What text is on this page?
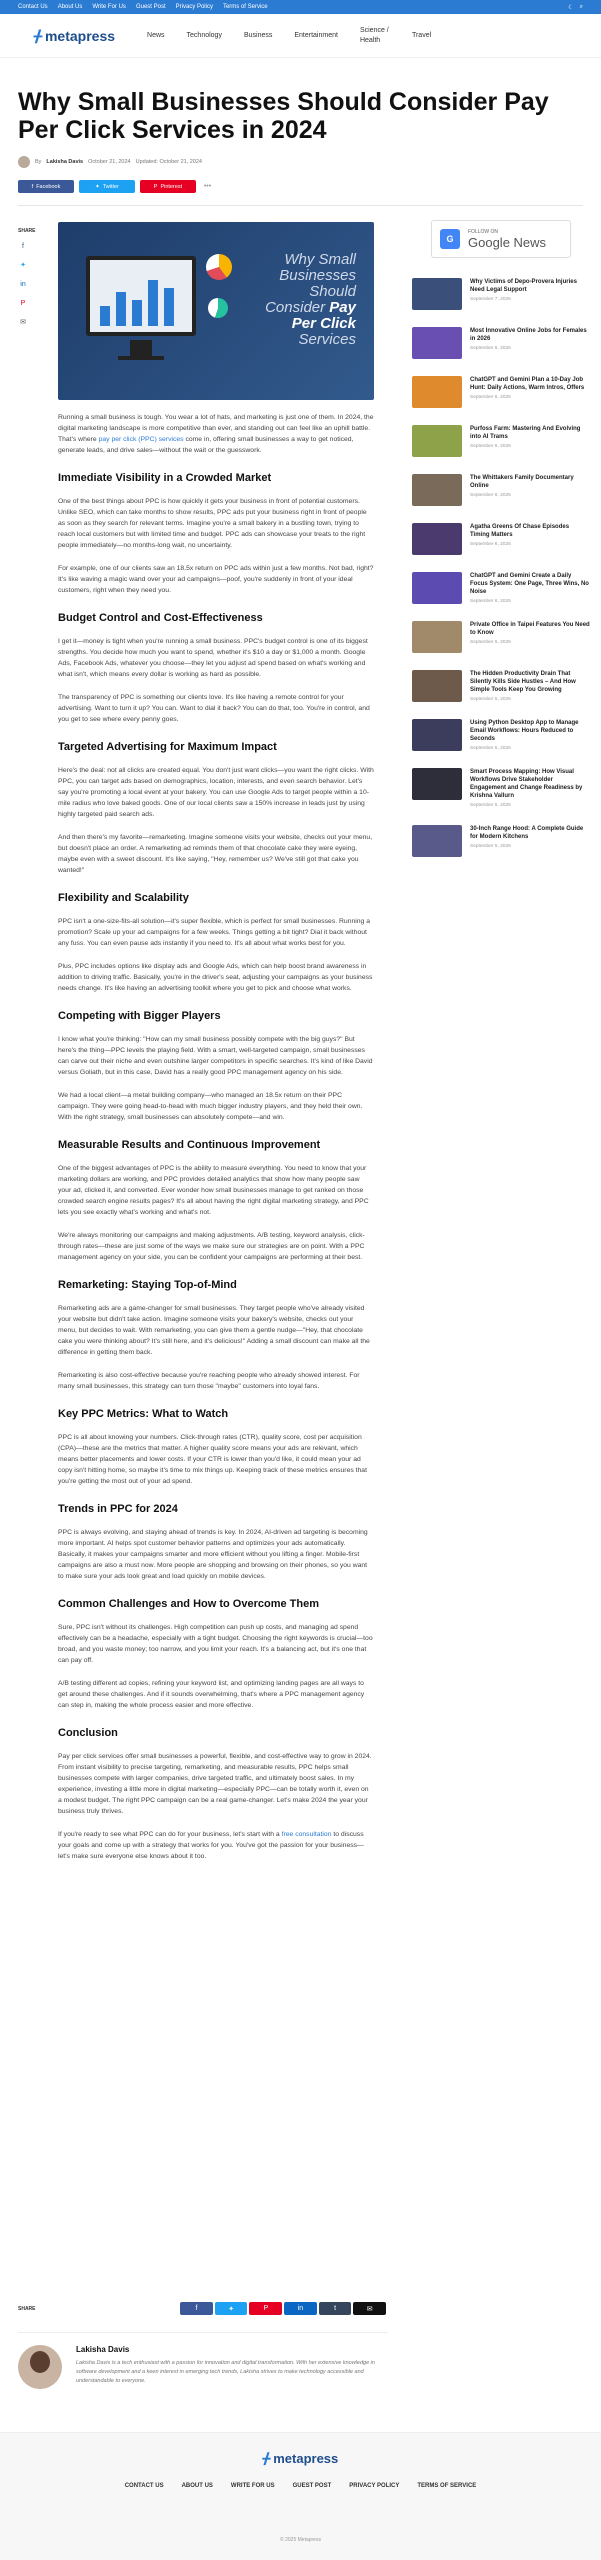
Contact Us About Us Write For Us Guest Post Privacy Policy Terms of Service	☾ ⌕
ᚋ metapress	News	Technology	Business	Entertainment
Science / Health
Travel
Why Small Businesses Should Consider Pay Per Click Services in 2024
By Lakisha Davis October 21, 2024 Updated: October 21, 2024
f Facebook	✦ Twitter	P Pinterest	•••
SHARE
f
✦
in
P
✉
Why Small
Businesses
Should
Consider Pay
Per Click
Services

Running a small business is tough. You wear a lot of hats, and marketing is just one of them. In 2024, the digital marketing landscape is more competitive than ever, and standing out can feel like an uphill battle. That's where pay per click (PPC) services come in, offering small businesses a way to get noticed, generate leads, and drive sales—without the wait or the guesswork.

Immediate Visibility in a Crowded Market

One of the best things about PPC is how quickly it gets your business in front of potential customers. Unlike SEO, which can take months to show results, PPC ads put your business right in front of people as soon as they search for relevant terms. Imagine you're a small bakery in a bustling town, trying to reach local customers but with limited time and budget. PPC ads can showcase your treats to the right people immediately—no months-long wait, no uncertainty.

For example, one of our clients saw an 18.5x return on PPC ads within just a few months. Not bad, right? It's like waving a magic wand over your ad campaigns—poof, you're suddenly in front of your ideal customers, right when they need you.

Budget Control and Cost-Effectiveness

I get it—money is tight when you're running a small business. PPC's budget control is one of its biggest strengths. You decide how much you want to spend, whether it's $10 a day or $1,000 a month. Google Ads, Facebook Ads, whatever you choose—they let you adjust ad spend based on what's working and what isn't, which means every dollar is working as hard as possible.

The transparency of PPC is something our clients love. It's like having a remote control for your advertising. Want to turn it up? You can. Want to dial it back? You can do that, too. You're in control, and you get to see where every penny goes.

Targeted Advertising for Maximum Impact

Here's the deal: not all clicks are created equal. You don't just want clicks—you want the right clicks. With PPC, you can target ads based on demographics, location, interests, and even search behavior. Let's say you're promoting a local event at your bakery. You can use Google Ads to target people within a 10-mile radius who love baked goods. One of our local clients saw a 150% increase in leads just by using highly targeted paid search ads.

And then there's my favorite—remarketing. Imagine someone visits your website, checks out your menu, but doesn't place an order. A remarketing ad reminds them of that chocolate cake they were eyeing, maybe even with a sweet discount. It's like saying, "Hey, remember us? We've still got that cake you wanted!"

Flexibility and Scalability

PPC isn't a one-size-fits-all solution—it's super flexible, which is perfect for small businesses. Running a promotion? Scale up your ad campaigns for a few weeks. Things getting a bit tight? Dial it back without any fuss. You can even pause ads instantly if you need to. It's all about what works best for you.

Plus, PPC includes options like display ads and Google Ads, which can help boost brand awareness in addition to driving traffic. Basically, you're in the driver's seat, adjusting your campaigns as your business needs change. It's like having an advertising toolkit where you get to pick and choose what works.

Competing with Bigger Players

I know what you're thinking: "How can my small business possibly compete with the big guys?" But here's the thing—PPC levels the playing field. With a smart, well-targeted campaign, small businesses can carve out their niche and even outshine larger competitors in specific searches. It's kind of like David versus Goliath, but in this case, David has a really good PPC management agency on his side.

We had a local client—a metal building company—who managed an 18.5x return on their PPC campaign. They were going head-to-head with much bigger industry players, and they held their own. With the right strategy, small businesses can absolutely compete—and win.

Measurable Results and Continuous Improvement

One of the biggest advantages of PPC is the ability to measure everything. You need to know that your marketing dollars are working, and PPC provides detailed analytics that show how many people saw your ad, clicked it, and converted. Ever wonder how small businesses manage to get ranked on those crowded search engine results pages? It's all about having the right digital marketing strategy, and PPC lets you see exactly what's working and what's not.

We're always monitoring our campaigns and making adjustments. A/B testing, keyword analysis, click-through rates—these are just some of the ways we make sure our strategies are on point. With a PPC management agency on your side, you can be confident your campaigns are performing at their best.

Remarketing: Staying Top-of-Mind

Remarketing ads are a game-changer for small businesses. They target people who've already visited your website but didn't take action. Imagine someone visits your bakery's website, checks out your menu, but decides to wait. With remarketing, you can give them a gentle nudge—"Hey, that chocolate cake you were thinking about? It's still here, and it's delicious!" Adding a small discount can make all the difference in getting them back.

Remarketing is also cost-effective because you're reaching people who already showed interest. For many small businesses, this strategy can turn those "maybe" customers into loyal fans.

Key PPC Metrics: What to Watch

PPC is all about knowing your numbers. Click-through rates (CTR), quality score, cost per acquisition (CPA)—these are the metrics that matter. A higher quality score means your ads are relevant, which means better placements and lower costs. If your CTR is lower than you'd like, it could mean your ad copy isn't hitting home, so maybe it's time to mix things up. Keeping track of these metrics ensures that you're getting the most out of your ad spend.

Trends in PPC for 2024

PPC is always evolving, and staying ahead of trends is key. In 2024, AI-driven ad targeting is becoming more important. AI helps spot customer behavior patterns and optimizes your ads automatically. Basically, it makes your campaigns smarter and more efficient without you lifting a finger. Mobile-first campaigns are also a must now. More people are shopping and browsing on their phones, so you want to make sure your ads look great and load quickly on mobile devices.

Common Challenges and How to Overcome Them

Sure, PPC isn't without its challenges. High competition can push up costs, and managing ad spend effectively can be a headache, especially with a tight budget. Choosing the right keywords is crucial—too broad, and you waste money; too narrow, and you limit your reach. It's a balancing act, but it's one that can pay off.

A/B testing different ad copies, refining your keyword list, and optimizing landing pages are all ways to get around these challenges. And if it sounds overwhelming, that's where a PPC management agency can step in, making the whole process easier and more effective.

Conclusion

Pay per click services offer small businesses a powerful, flexible, and cost-effective way to grow in 2024. From instant visibility to precise targeting, remarketing, and measurable results, PPC helps small businesses compete with larger companies, drive targeted traffic, and ultimately boost sales. In my experience, investing a little more in digital marketing—especially PPC—can be totally worth it, even on a modest budget. The right PPC campaign can be a real game-changer. Let's make 2024 the year your business truly thrives.

If you're ready to see what PPC can do for your business, let's start with a free consultation to discuss your goals and come up with a strategy that works for you. You've got the passion for your business—let's make sure everyone else knows about it too.

G
FOLLOW ON
Google News
Why Victims of Depo-Provera Injuries Need Legal Support
September 7, 2025
Most Innovative Online Jobs for Females in 2026
September 6, 2025
ChatGPT and Gemini Plan a 10-Day Job Hunt: Daily Actions, Warm Intros, Offers
September 6, 2025
Purfoss Farm: Mastering And Evolving into AI Trams
September 6, 2025
The Whittakers Family Documentary Online
September 6, 2025
Agatha Greens Of Chase Episodes Timing Matters
September 6, 2025
ChatGPT and Gemini Create a Daily Focus System: One Page, Three Wins, No Noise
September 6, 2025
Private Office in Taipei Features You Need to Know
September 6, 2025
The Hidden Productivity Drain That Silently Kills Side Hustles – And How Simple Tools Keep You Growing
September 5, 2025
Using Python Desktop App to Manage Email Workflows: Hours Reduced to Seconds
September 5, 2025
Smart Process Mapping: How Visual Workflows Drive Stakeholder Engagement and Change Readiness by Krishna Vallurn
September 5, 2025
30-Inch Range Hood: A Complete Guide for Modern Kitchens
September 5, 2025
SHARE	f	✦	P	in	t	✉
Lakisha Davis

Lakisha Davis is a tech enthusiast with a passion for innovation and digital transformation. With her extensive knowledge in software development and a keen interest in emerging tech trends, Lakisha strives to make technology accessible and understandable to everyone.

ᚋ metapress
CONTACT US	ABOUT US	WRITE FOR US	GUEST POST	PRIVACY POLICY	TERMS OF SERVICE
© 2025 Metapress
